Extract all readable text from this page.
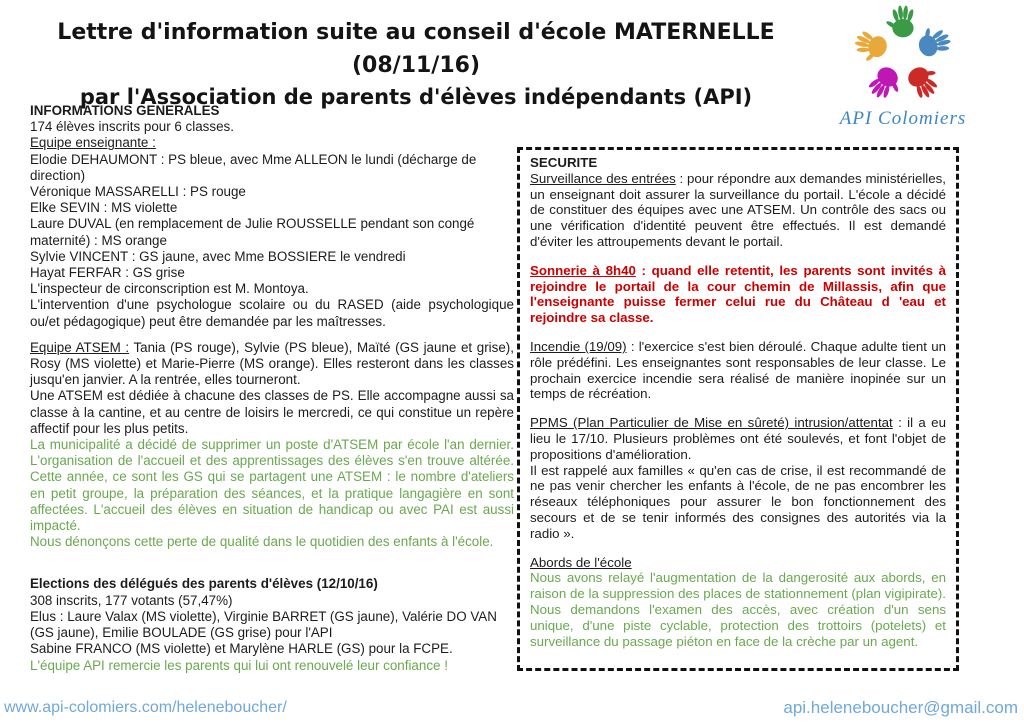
Lettre d'information suite au conseil d'école MATERNELLE (08/11/16)
par l'Association de parents d'élèves indépendants (API)
API Colomiers
INFORMATIONS GENERALES
174 élèves inscrits pour 6 classes.
Equipe enseignante :
Elodie DEHAUMONT : PS bleue, avec Mme ALLEON le lundi (décharge de direction)
Véronique MASSARELLI : PS rouge
Elke SEVIN : MS violette
Laure DUVAL (en remplacement de Julie ROUSSELLE pendant son congé maternité) : MS orange
Sylvie VINCENT : GS jaune, avec Mme BOSSIERE le vendredi
Hayat FERFAR : GS grise
L'inspecteur de circonscription est M. Montoya.

L'intervention d'une psychologue scolaire ou du RASED (aide psychologique ou/et pédagogique) peut être demandée par les maîtresses.

Equipe ATSEM : Tania (PS rouge), Sylvie (PS bleue), Maïté (GS jaune et grise), Rosy (MS violette) et Marie-Pierre (MS orange). Elles resteront dans les classes jusqu'en janvier. A la rentrée, elles tourneront.

Une ATSEM est dédiée à chacune des classes de PS. Elle accompagne aussi sa classe à la cantine, et au centre de loisirs le mercredi, ce qui constitue un repère affectif pour les plus petits.

La municipalité a décidé de supprimer un poste d'ATSEM par école l'an dernier. L'organisation de l'accueil et des apprentissages des élèves s'en trouve altérée. Cette année, ce sont les GS qui se partagent une ATSEM : le nombre d'ateliers en petit groupe, la préparation des séances, et la pratique langagière en sont affectées. L'accueil des élèves en situation de handicap ou avec PAI est aussi impacté.

Nous dénonçons cette perte de qualité dans le quotidien des enfants à l'école.

Elections des délégués des parents d'élèves (12/10/16)
308 inscrits, 177 votants (57,47%)
Elus : Laure Valax (MS violette), Virginie BARRET (GS jaune), Valérie DO VAN (GS jaune), Emilie BOULADE (GS grise) pour l'API
Sabine FRANCO (MS violette) et Marylène HARLE (GS) pour la FCPE.
L'équipe API remercie les parents qui lui ont renouvelé leur confiance !
SECURITE

Surveillance des entrées : pour répondre aux demandes ministérielles, un enseignant doit assurer la surveillance du portail. L'école a décidé de constituer des équipes avec une ATSEM. Un contrôle des sacs ou une vérification d'identité peuvent être effectués. Il est demandé d'éviter les attroupements devant le portail.

Sonnerie à 8h40 : quand elle retentit, les parents sont invités à rejoindre le portail de la cour chemin de Millassis, afin que l'enseignante puisse fermer celui rue du Château d 'eau et rejoindre sa classe.

Incendie (19/09) : l'exercice s'est bien déroulé. Chaque adulte tient un rôle prédéfini. Les enseignantes sont responsables de leur classe. Le prochain exercice incendie sera réalisé de manière inopinée sur un temps de récréation.

PPMS (Plan Particulier de Mise en sûreté) intrusion/attentat : il a eu lieu le 17/10. Plusieurs problèmes ont été soulevés, et font l'objet de propositions d'amélioration.

Il est rappelé aux familles « qu'en cas de crise, il est recommandé de ne pas venir chercher les enfants à l'école, de ne pas encombrer les réseaux téléphoniques pour assurer le bon fonctionnement des secours et de se tenir informés des consignes des autorités via la radio ».

Abords de l'école

Nous avons relayé l'augmentation de la dangerosité aux abords, en raison de la suppression des places de stationnement (plan vigipirate). Nous demandons l'examen des accès, avec création d'un sens unique, d'une piste cyclable, protection des trottoirs (potelets) et surveillance du passage piéton en face de la crèche par un agent.

www.api-colomiers.com/heleneboucher/	api.heleneboucher@gmail.com
